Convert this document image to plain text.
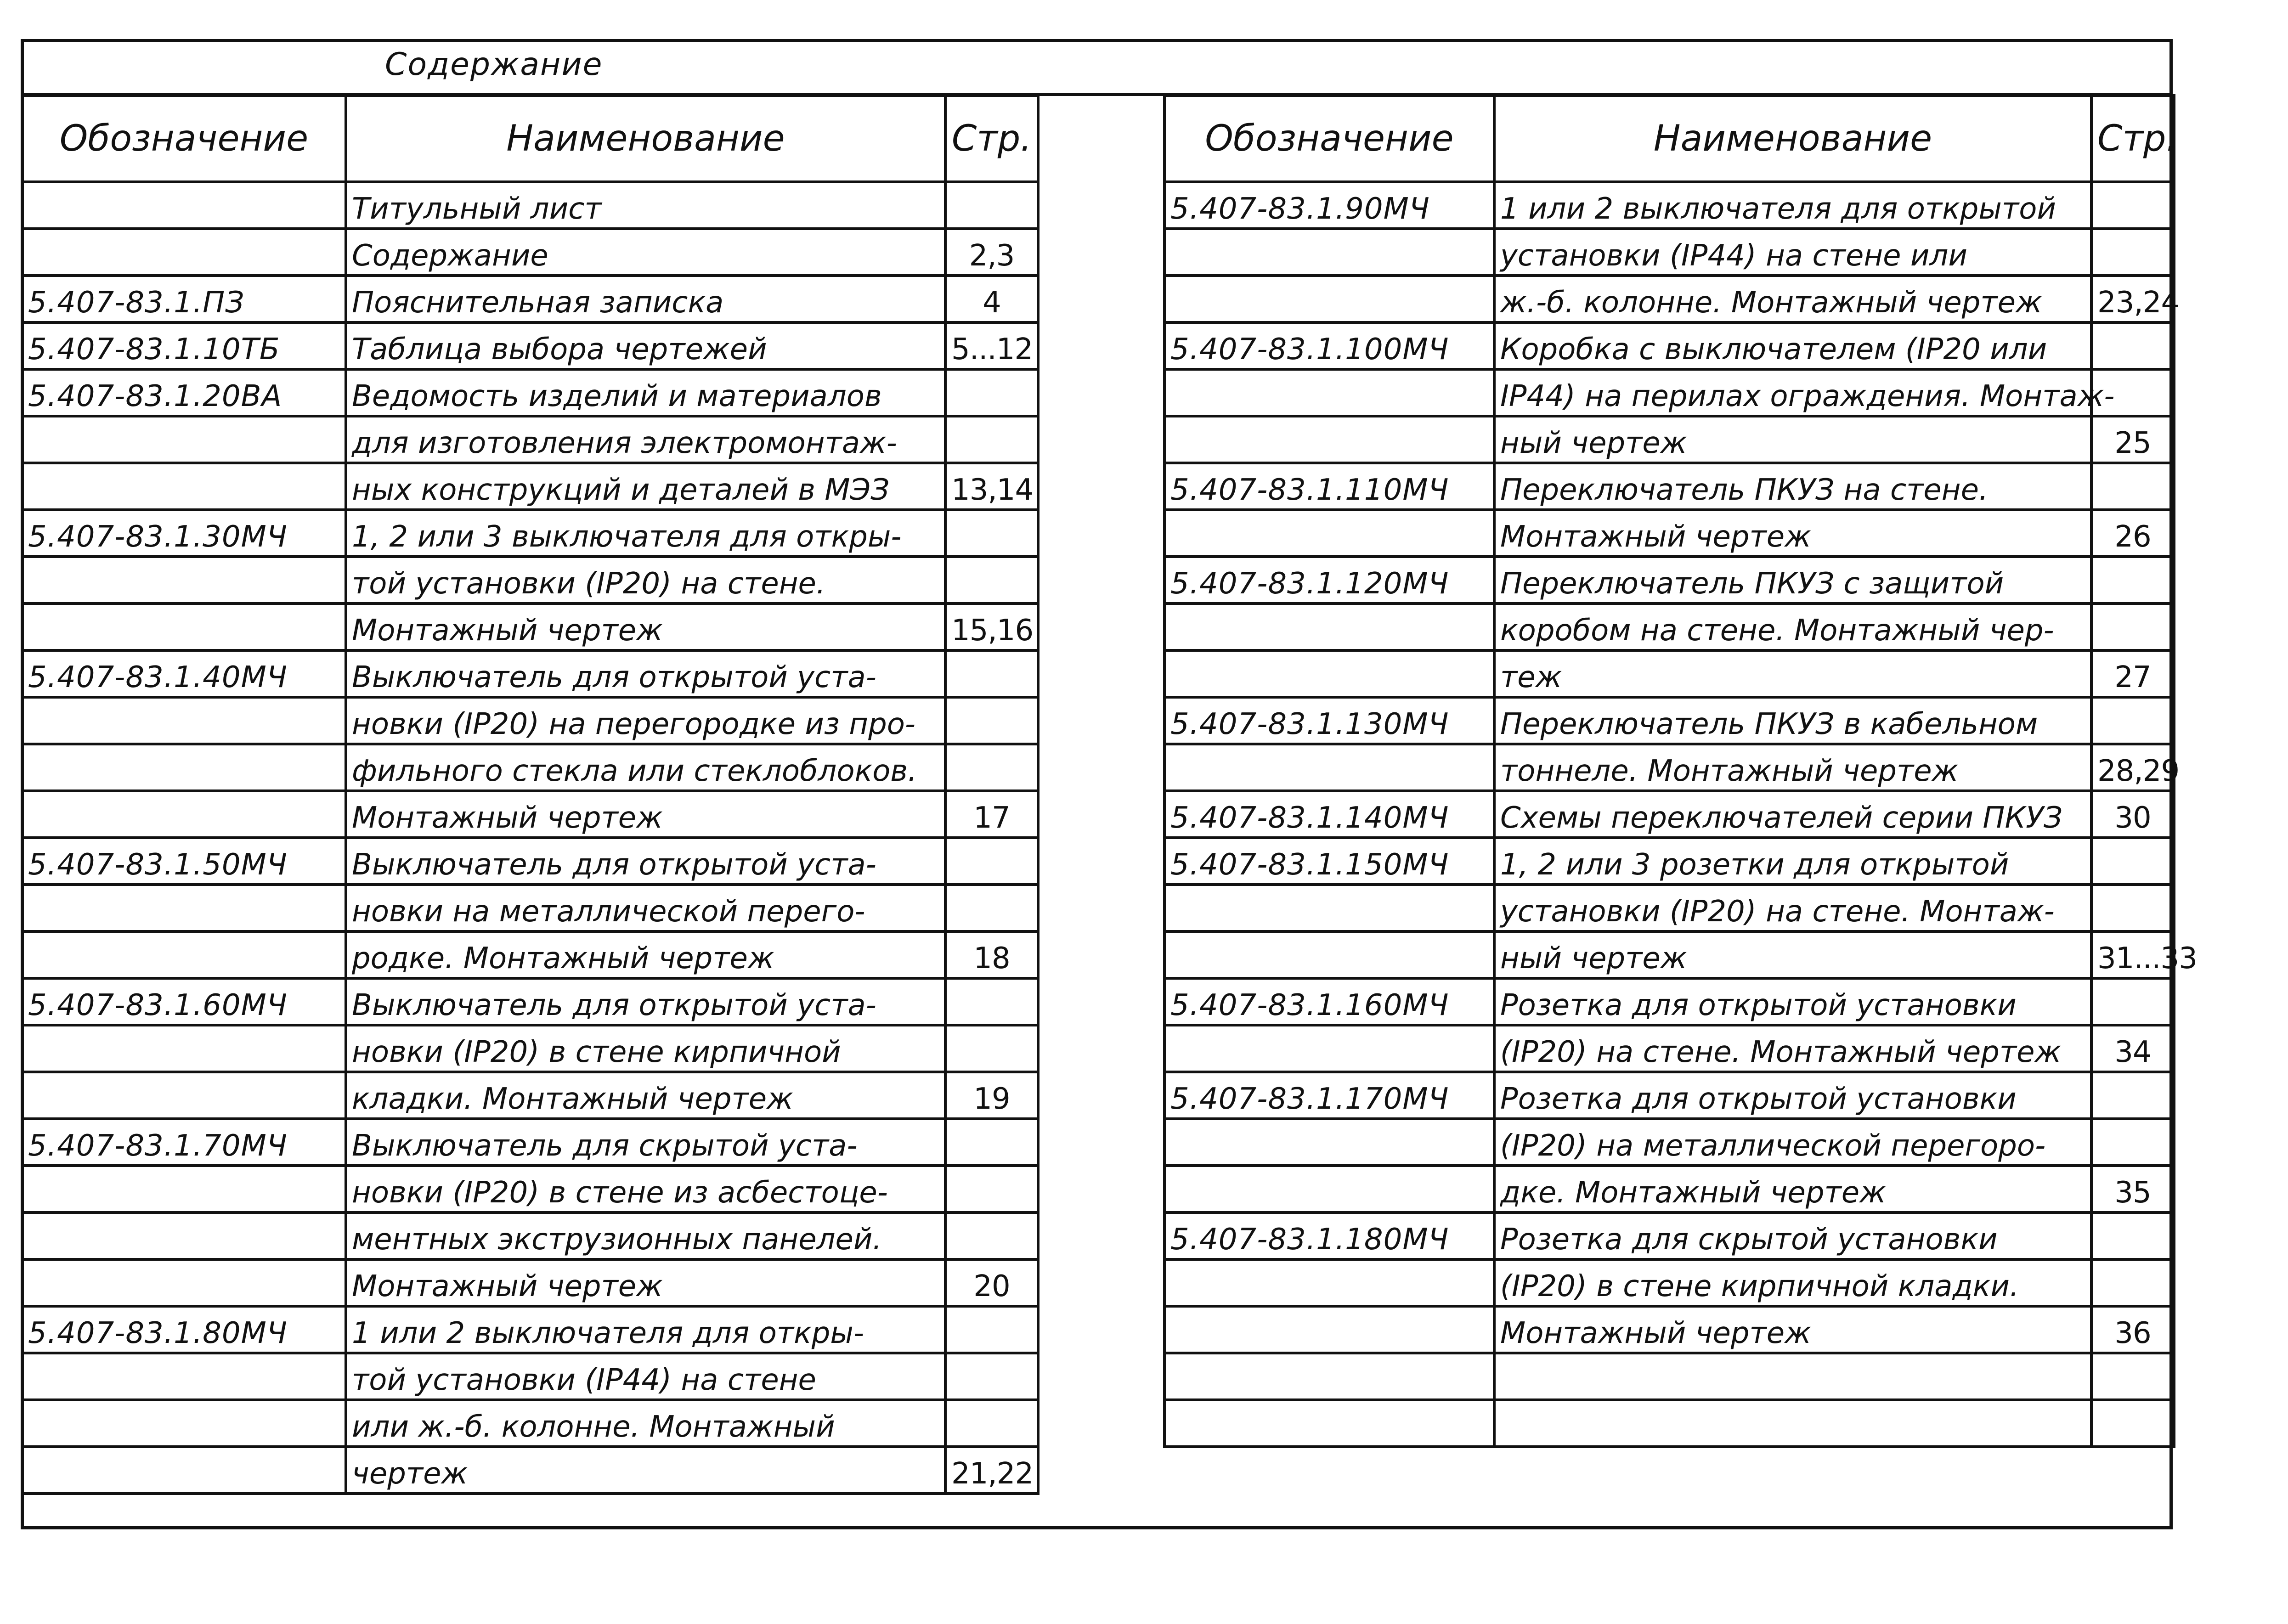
Содержание
Обозначение	Наименование	Стр.
	Титульный лист	
	Содержание	2,3
5.407-83.1.ПЗ	Пояснительная записка	4
5.407-83.1.10ТБ	Таблица выбора чертежей	5...12
5.407-83.1.20ВА	Ведомость изделий и материалов	
	для изготовления электромонтаж-	
	ных конструкций и деталей в МЭЗ	13,14
5.407-83.1.30МЧ	1, 2 или 3 выключателя для откры-	
	той установки (IP20) на стене.	
	Монтажный чертеж	15,16
5.407-83.1.40МЧ	Выключатель для открытой уста-	
	новки (IP20) на перегородке из про-	
	фильного стекла или стеклоблоков.	
	Монтажный чертеж	17
5.407-83.1.50МЧ	Выключатель для открытой уста-	
	новки на металлической перего-	
	родке. Монтажный чертеж	18
5.407-83.1.60МЧ	Выключатель для открытой уста-	
	новки (IP20) в стене кирпичной	
	кладки. Монтажный чертеж	19
5.407-83.1.70МЧ	Выключатель для скрытой уста-	
	новки (IP20) в стене из асбестоце-	
	ментных экструзионных панелей.	
	Монтажный чертеж	20
5.407-83.1.80МЧ	1 или 2 выключателя для откры-	
	той установки (IP44) на стене	
	или ж.-б. колонне. Монтажный	
	чертеж	21,22
Обозначение	Наименование	Стр.
5.407-83.1.90МЧ	1 или 2 выключателя для открытой	
	установки (IP44) на стене или	
	ж.-б. колонне. Монтажный чертеж	23,24
5.407-83.1.100МЧ	Коробка с выключателем (IP20 или	
	IP44) на перилах ограждения. Монтаж-	
	ный чертеж	25
5.407-83.1.110МЧ	Переключатель ПКУЗ на стене.	
	Монтажный чертеж	26
5.407-83.1.120МЧ	Переключатель ПКУЗ с защитой	
	коробом на стене. Монтажный чер-	
	теж	27
5.407-83.1.130МЧ	Переключатель ПКУЗ в кабельном	
	тоннеле. Монтажный чертеж	28,29
5.407-83.1.140МЧ	Схемы переключателей серии ПКУЗ	30
5.407-83.1.150МЧ	1, 2 или 3 розетки для открытой	
	установки (IP20) на стене. Монтаж-	
	ный чертеж	31...33
5.407-83.1.160МЧ	Розетка для открытой установки	
	(IP20) на стене. Монтажный чертеж	34
5.407-83.1.170МЧ	Розетка для открытой установки	
	(IP20) на металлической перегоро-	
	дке. Монтажный чертеж	35
5.407-83.1.180МЧ	Розетка для скрытой установки	
	(IP20) в стене кирпичной кладки.	
	Монтажный чертеж	36
